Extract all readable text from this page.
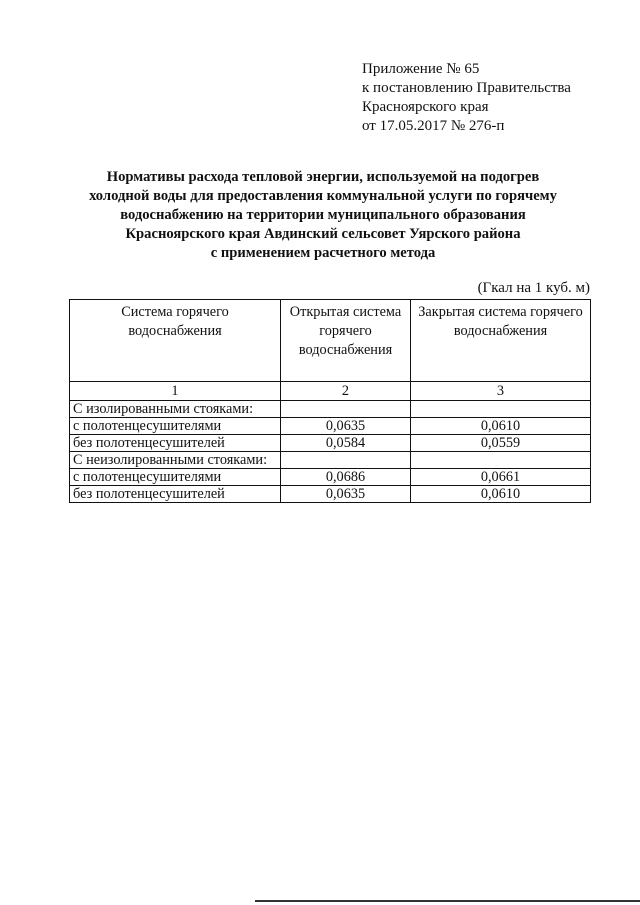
Приложение № 65
к постановлению Правительства
Красноярского края
от 17.05.2017 № 276-п
Нормативы расхода тепловой энергии, используемой на подогрев
холодной воды для предоставления коммунальной услуги по горячему
водоснабжению на территории муниципального образования
Красноярского края Авдинский сельсовет Уярского района
с применением расчетного метода
(Гкал на 1 куб. м)
Система горячего водоснабжения	Открытая система горячего водоснабжения	Закрытая система горячего водоснабжения
1	2	3
С изолированными стояками:		
с полотенцесушителями	0,0635	0,0610
без полотенцесушителей	0,0584	0,0559
С неизолированными стояками:		
с полотенцесушителями	0,0686	0,0661
без полотенцесушителей	0,0635	0,0610
